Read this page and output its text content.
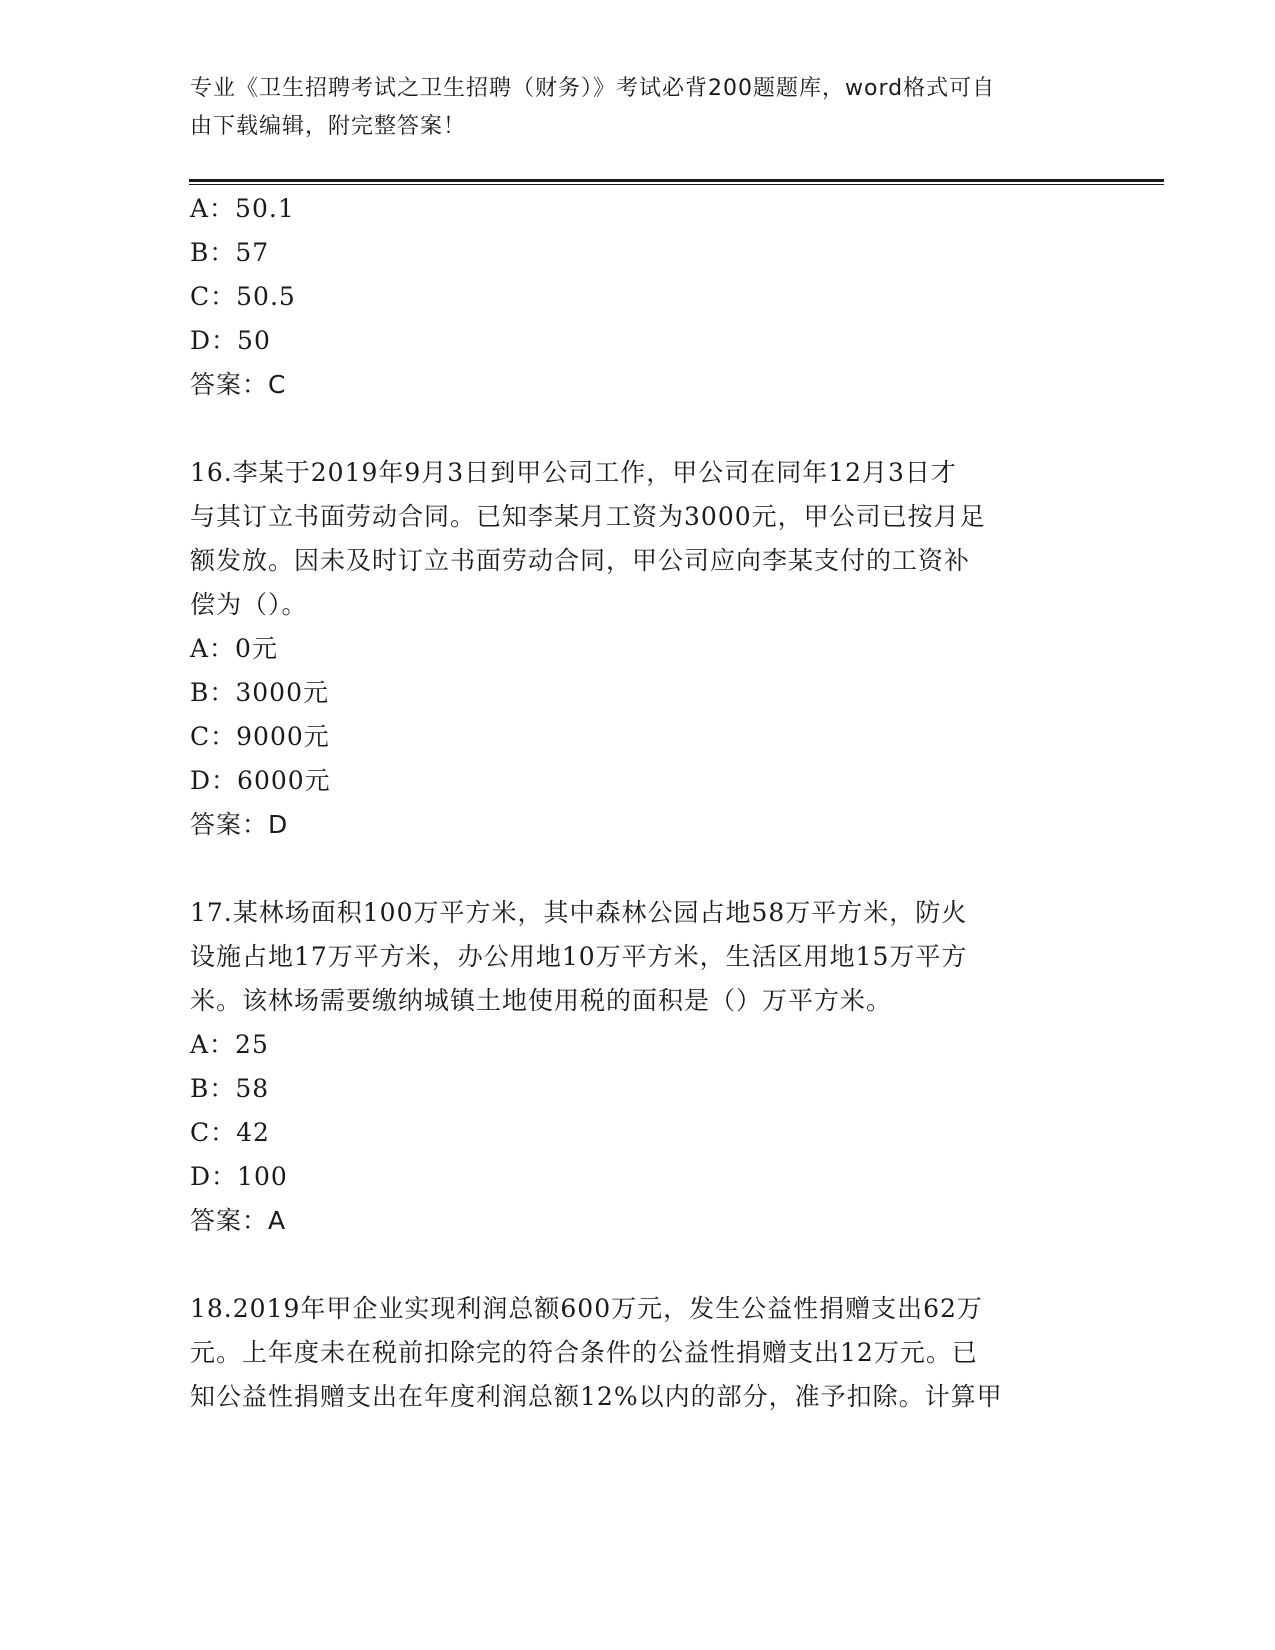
专业《卫生招聘考试之卫生招聘（财务）》考试必背200题题库，word格式可自
由下载编辑，附完整答案！
A：50.1
B：57
C：50.5
D：50
答案：C
16.李某于2019年9月3日到甲公司工作，甲公司在同年12月3日才
与其订立书面劳动合同。已知李某月工资为3000元，甲公司已按月足
额发放。因未及时订立书面劳动合同，甲公司应向李某支付的工资补
偿为（）。
A：0元
B：3000元
C：9000元
D：6000元
答案：D
17.某林场面积100万平方米，其中森林公园占地58万平方米，防火
设施占地17万平方米，办公用地10万平方米，生活区用地15万平方
米。该林场需要缴纳城镇土地使用税的面积是（）万平方米。
A：25
B：58
C：42
D：100
答案：A
18.2019年甲企业实现利润总额600万元，发生公益性捐赠支出62万
元。上年度未在税前扣除完的符合条件的公益性捐赠支出12万元。已
知公益性捐赠支出在年度利润总额12%以内的部分，准予扣除。计算甲
